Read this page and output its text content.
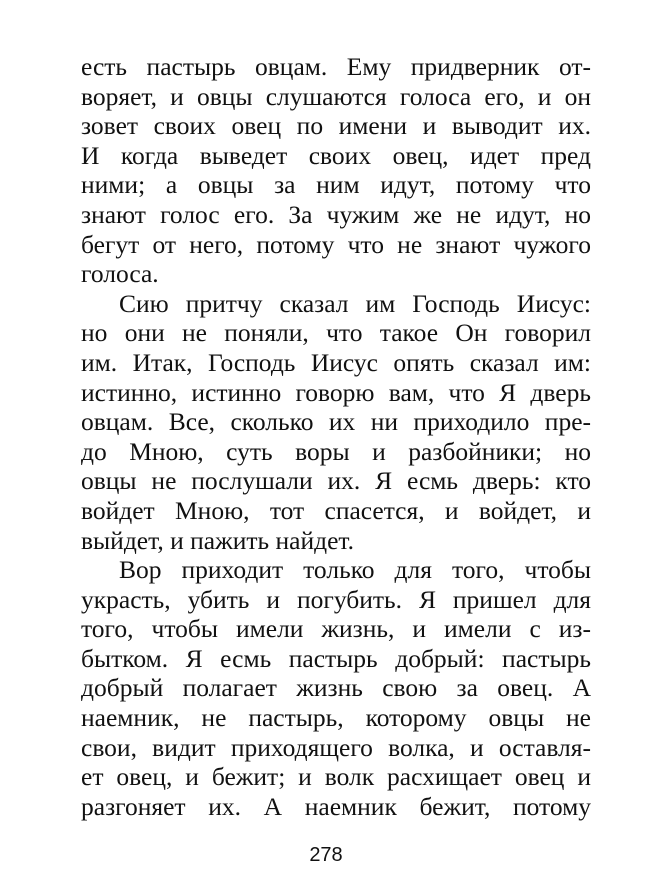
есть пастырь овцам. Ему придверник от-
воряет, и овцы слушаются голоса его, и он
зовет своих овец по имени и выводит их.
И когда выведет своих овец, идет пред
ними; а овцы за ним идут, потому что
знают голос его. За чужим же не идут, но
бегут от него, потому что не знают чужого
голоса.
Сию притчу сказал им Господь Иисус:
но они не поняли, что такое Он говорил
им. Итак, Господь Иисус опять сказал им:
истинно, истинно говорю вам, что Я дверь
овцам. Все, сколько их ни приходило пре-
до Мною, суть воры и разбойники; но
овцы не послушали их. Я есмь дверь: кто
войдет Мною, тот спасется, и войдет, и
выйдет, и пажить найдет.
Вор приходит только для того, чтобы
украсть, убить и погубить. Я пришел для
того, чтобы имели жизнь, и имели с из-
бытком. Я есмь пастырь добрый: пастырь
добрый полагает жизнь свою за овец. А
наемник, не пастырь, которому овцы не
свои, видит приходящего волка, и оставля-
ет овец, и бежит; и волк расхищает овец и
разгоняет их. А наемник бежит, потому
278
